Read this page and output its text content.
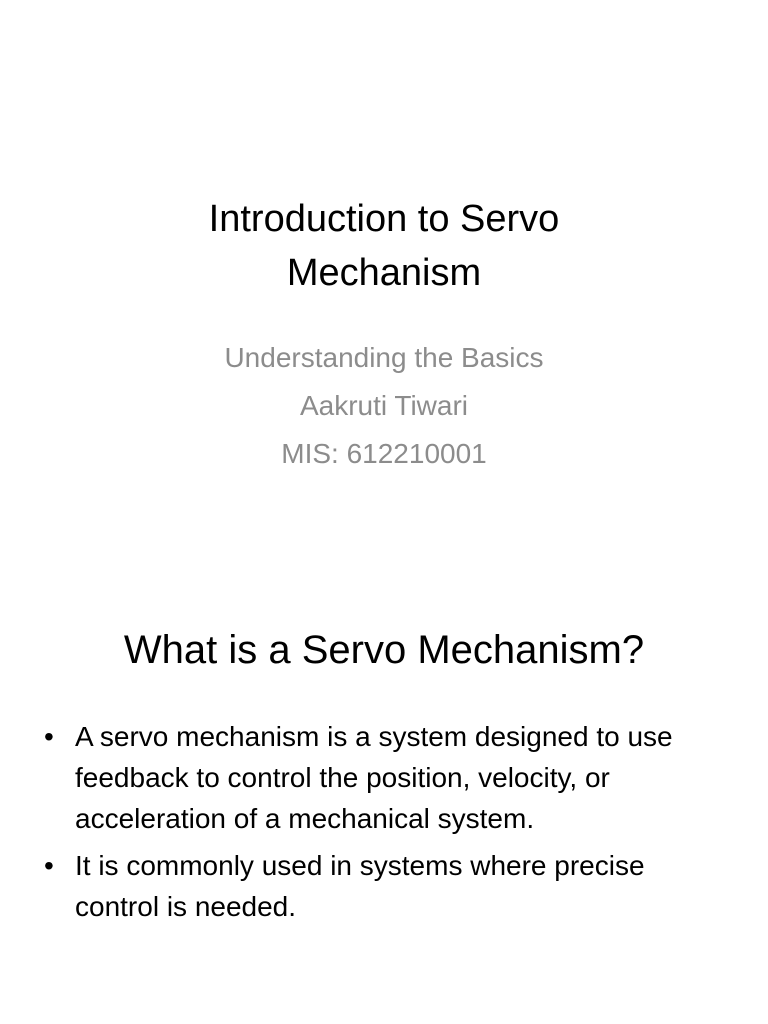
Introduction to Servo
Mechanism
Understanding the Basics
Aakruti Tiwari
MIS: 612210001
What is a Servo Mechanism?
• A servo mechanism is a system designed to use feedback to control the position, velocity, or acceleration of a mechanical system.
• It is commonly used in systems where precise control is needed.
